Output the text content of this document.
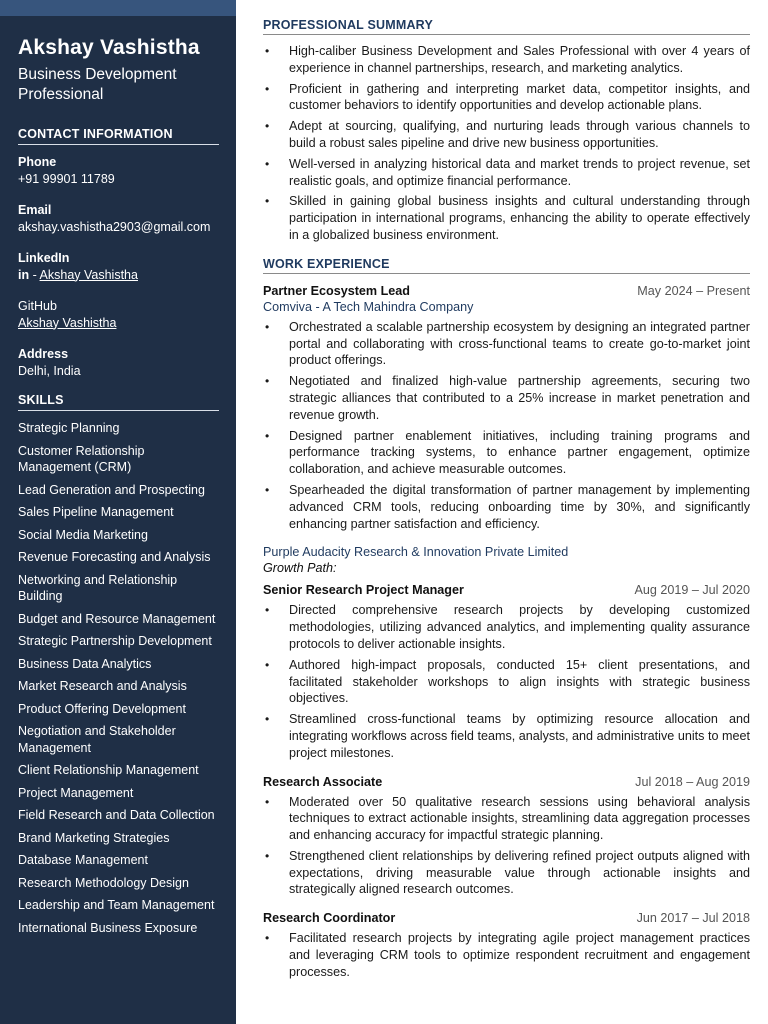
Akshay Vashistha
Business Development Professional
CONTACT INFORMATION
Phone
+91 99901 11789
Email
akshay.vashistha2903@gmail.com
LinkedIn
in - Akshay Vashistha
GitHub
Akshay Vashistha
Address
Delhi, India
SKILLS
Strategic Planning
Customer Relationship Management (CRM)
Lead Generation and Prospecting
Sales Pipeline Management
Social Media Marketing
Revenue Forecasting and Analysis
Networking and Relationship Building
Budget and Resource Management
Strategic Partnership Development
Business Data Analytics
Market Research and Analysis
Product Offering Development
Negotiation and Stakeholder Management
Client Relationship Management
Project Management
Field Research and Data Collection
Brand Marketing Strategies
Database Management
Research Methodology Design
Leadership and Team Management
International Business Exposure
PROFESSIONAL SUMMARY
• High-caliber Business Development and Sales Professional with over 4 years of experience in channel partnerships, research, and marketing analytics.
• Proficient in gathering and interpreting market data, competitor insights, and customer behaviors to identify opportunities and develop actionable plans.
• Adept at sourcing, qualifying, and nurturing leads through various channels to build a robust sales pipeline and drive new business opportunities.
• Well-versed in analyzing historical data and market trends to project revenue, set realistic goals, and optimize financial performance.
• Skilled in gaining global business insights and cultural understanding through participation in international programs, enhancing the ability to operate effectively in a globalized business environment.
WORK EXPERIENCE
Partner Ecosystem Lead	May 2024 – Present
Comviva - A Tech Mahindra Company
• Orchestrated a scalable partnership ecosystem by designing an integrated partner portal and collaborating with cross-functional teams to create go-to-market joint product offerings.
• Negotiated and finalized high-value partnership agreements, securing two strategic alliances that contributed to a 25% increase in market penetration and revenue growth.
• Designed partner enablement initiatives, including training programs and performance tracking systems, to enhance partner engagement, optimize collaboration, and achieve measurable outcomes.
• Spearheaded the digital transformation of partner management by implementing advanced CRM tools, reducing onboarding time by 30%, and significantly enhancing partner satisfaction and efficiency.
Purple Audacity Research & Innovation Private Limited
Growth Path:
Senior Research Project Manager	Aug 2019 – Jul 2020
• Directed comprehensive research projects by developing customized methodologies, utilizing advanced analytics, and implementing quality assurance protocols to deliver actionable insights.
• Authored high-impact proposals, conducted 15+ client presentations, and facilitated stakeholder workshops to align insights with strategic business objectives.
• Streamlined cross-functional teams by optimizing resource allocation and integrating workflows across field teams, analysts, and administrative units to meet project milestones.
Research Associate	Jul 2018 – Aug 2019
• Moderated over 50 qualitative research sessions using behavioral analysis techniques to extract actionable insights, streamlining data aggregation processes and enhancing accuracy for impactful strategic planning.
• Strengthened client relationships by delivering refined project outputs aligned with expectations, driving measurable value through actionable insights and strategically aligned research outcomes.
Research Coordinator	Jun 2017 – Jul 2018
• Facilitated research projects by integrating agile project management practices and leveraging CRM tools to optimize respondent recruitment and engagement processes.
